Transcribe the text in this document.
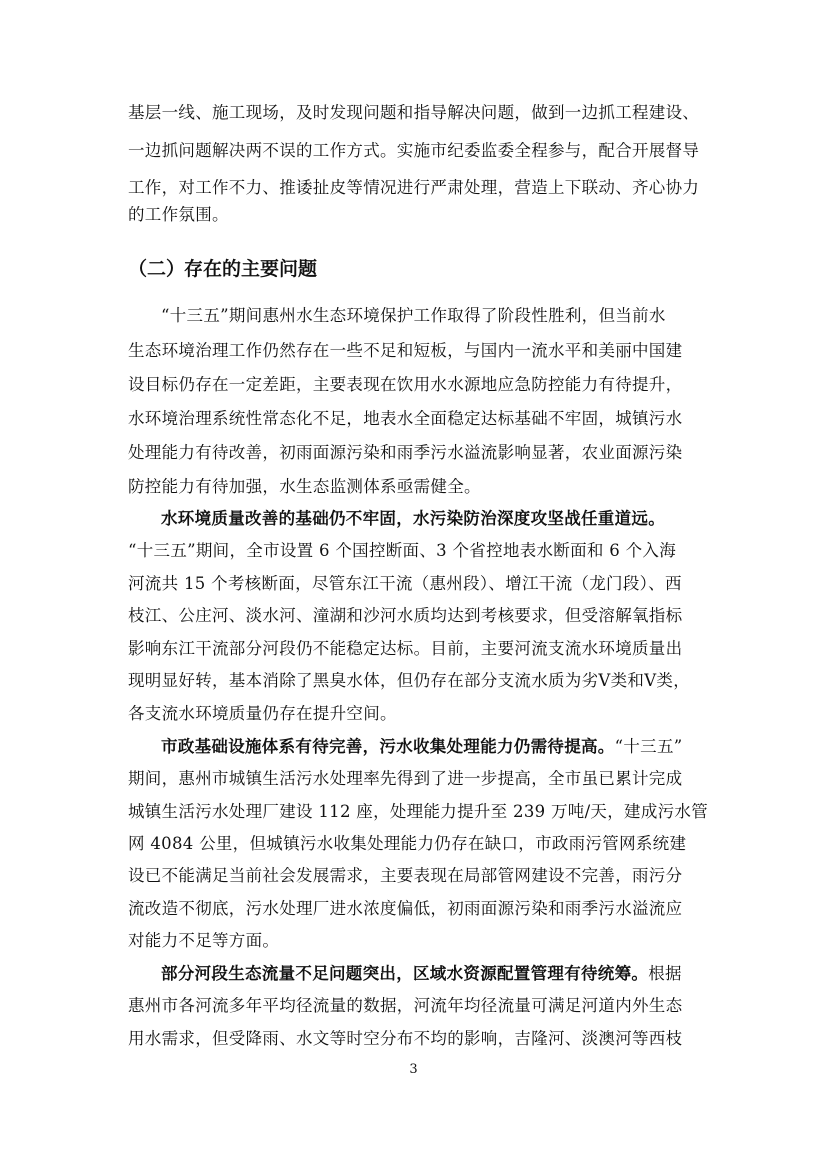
基层一线、施工现场，及时发现问题和指导解决问题，做到一边抓工程建设、
一边抓问题解决两不误的工作方式。实施市纪委监委全程参与，配合开展督导
工作，对工作不力、推诿扯皮等情况进行严肃处理，营造上下联动、齐心协力
的工作氛围。
（二）存在的主要问题
“十三五”期间惠州水生态环境保护工作取得了阶段性胜利，但当前水
生态环境治理工作仍然存在一些不足和短板，与国内一流水平和美丽中国建
设目标仍存在一定差距，主要表现在饮用水水源地应急防控能力有待提升，
水环境治理系统性常态化不足，地表水全面稳定达标基础不牢固，城镇污水
处理能力有待改善，初雨面源污染和雨季污水溢流影响显著，农业面源污染
防控能力有待加强，水生态监测体系亟需健全。
水环境质量改善的基础仍不牢固，水污染防治深度攻坚战任重道远。
“十三五”期间，全市设置 6 个国控断面、3 个省控地表水断面和 6 个入海
河流共 15 个考核断面，尽管东江干流（惠州段）、增江干流（龙门段）、西
枝江、公庄河、淡水河、潼湖和沙河水质均达到考核要求，但受溶解氧指标
影响东江干流部分河段仍不能稳定达标。目前，主要河流支流水环境质量出
现明显好转，基本消除了黑臭水体，但仍存在部分支流水质为劣Ⅴ类和Ⅴ类，
各支流水环境质量仍存在提升空间。
市政基础设施体系有待完善，污水收集处理能力仍需待提高。“十三五”
期间，惠州市城镇生活污水处理率先得到了进一步提高，全市虽已累计完成
城镇生活污水处理厂建设 112 座，处理能力提升至 239 万吨/天，建成污水管
网 4084 公里，但城镇污水收集处理能力仍存在缺口，市政雨污管网系统建
设已不能满足当前社会发展需求，主要表现在局部管网建设不完善，雨污分
流改造不彻底，污水处理厂进水浓度偏低，初雨面源污染和雨季污水溢流应
对能力不足等方面。
部分河段生态流量不足问题突出，区域水资源配置管理有待统筹。根据
惠州市各河流多年平均径流量的数据，河流年均径流量可满足河道内外生态
用水需求，但受降雨、水文等时空分布不均的影响，吉隆河、淡澳河等西枝
3
